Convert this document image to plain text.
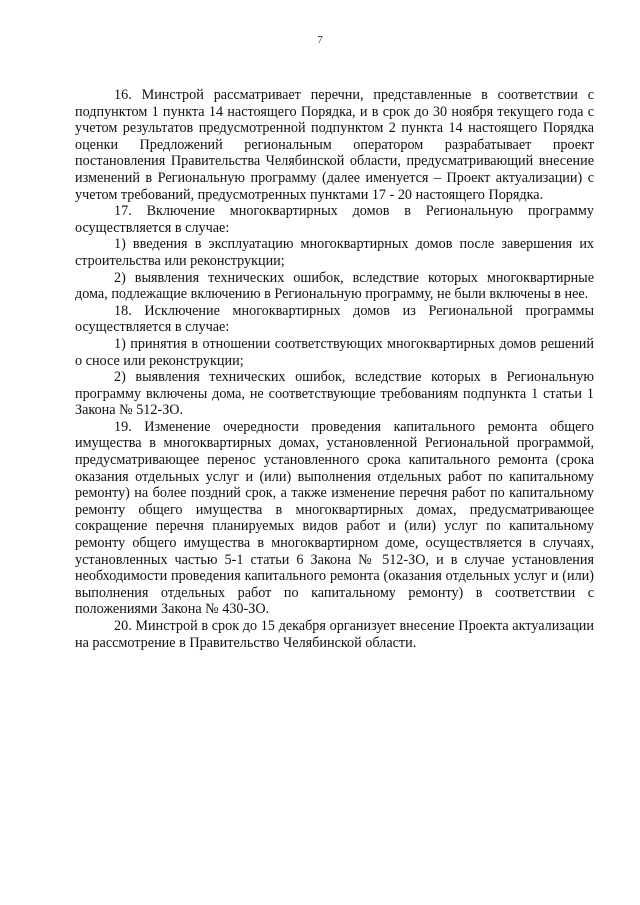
7

16. Минстрой рассматривает перечни, представленные в соответствии с подпунктом 1 пункта 14 настоящего Порядка, и в срок до 30 ноября текущего года с учетом результатов предусмотренной подпунктом 2 пункта 14 настоящего Порядка оценки Предложений региональным оператором разрабатывает проект постановления Правительства Челябинской области, предусматривающий внесение изменений в Региональную программу (далее именуется – Проект актуализации) с учетом требований, предусмотренных пунктами 17 - 20 настоящего Порядка.

17. Включение многоквартирных домов в Региональную программу осуществляется в случае:

1) введения в эксплуатацию многоквартирных домов после завершения их строительства или реконструкции;

2) выявления технических ошибок, вследствие которых многоквартирные дома, подлежащие включению в Региональную программу, не были включены в нее.

18. Исключение многоквартирных домов из Региональной программы осуществляется в случае:

1) принятия в отношении соответствующих многоквартирных домов решений о сносе или реконструкции;

2) выявления технических ошибок, вследствие которых в Региональную программу включены дома, не соответствующие требованиям подпункта 1 статьи 1 Закона № 512-ЗО.

19. Изменение очередности проведения капитального ремонта общего имущества в многоквартирных домах, установленной Региональной программой, предусматривающее перенос установленного срока капитального ремонта (срока оказания отдельных услуг и (или) выполнения отдельных работ по капитальному ремонту) на более поздний срок, а также изменение перечня работ по капитальному ремонту общего имущества в многоквартирных домах, предусматривающее сокращение перечня планируемых видов работ и (или) услуг по капитальному ремонту общего имущества в многоквартирном доме, осуществляется в случаях, установленных частью 5-1 статьи 6 Закона № 512-ЗО, и в случае установления необходимости проведения капитального ремонта (оказания отдельных услуг и (или) выполнения отдельных работ по капитальному ремонту) в соответствии с положениями Закона № 430-ЗО.

20. Минстрой в срок до 15 декабря организует внесение Проекта актуализации на рассмотрение в Правительство Челябинской области.
